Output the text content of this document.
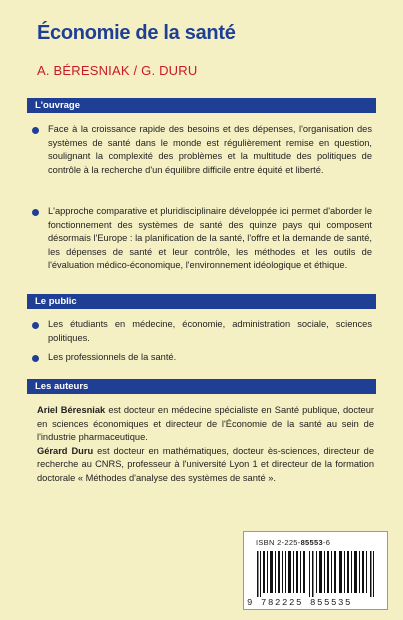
Économie de la santé
A. BÉRESNIAK / G. DURU
L'ouvrage
Face à la croissance rapide des besoins et des dépenses, l'organisation des systèmes de santé dans le monde est régulièrement remise en question, soulignant la complexité des problèmes et la multitude des politiques de contrôle à la recherche d'un équilibre difficile entre équité et liberté.
L'approche comparative et pluridisciplinaire développée ici permet d'aborder le fonctionnement des systèmes de santé des quinze pays qui composent désormais l'Europe : la planification de la santé, l'offre et la demande de santé, les dépenses de santé et leur contrôle, les méthodes et les outils de l'évaluation médico-économique, l'environnement idéologique et éthique.
Le public
Les étudiants en médecine, économie, administration sociale, sciences politiques.
Les professionnels de la santé.
Les auteurs
Ariel Béresniak est docteur en médecine spécialiste en Santé publique, docteur en sciences économiques et directeur de l'Économie de la santé au sein de l'industrie pharmaceutique.
Gérard Duru est docteur en mathématiques, docteur ès-sciences, directeur de recherche au CNRS, professeur à l'université Lyon 1 et directeur de la formation doctorale « Méthodes d'analyse des systèmes de santé ».
ISBN 2-225-85553-6
9 782225 855535
